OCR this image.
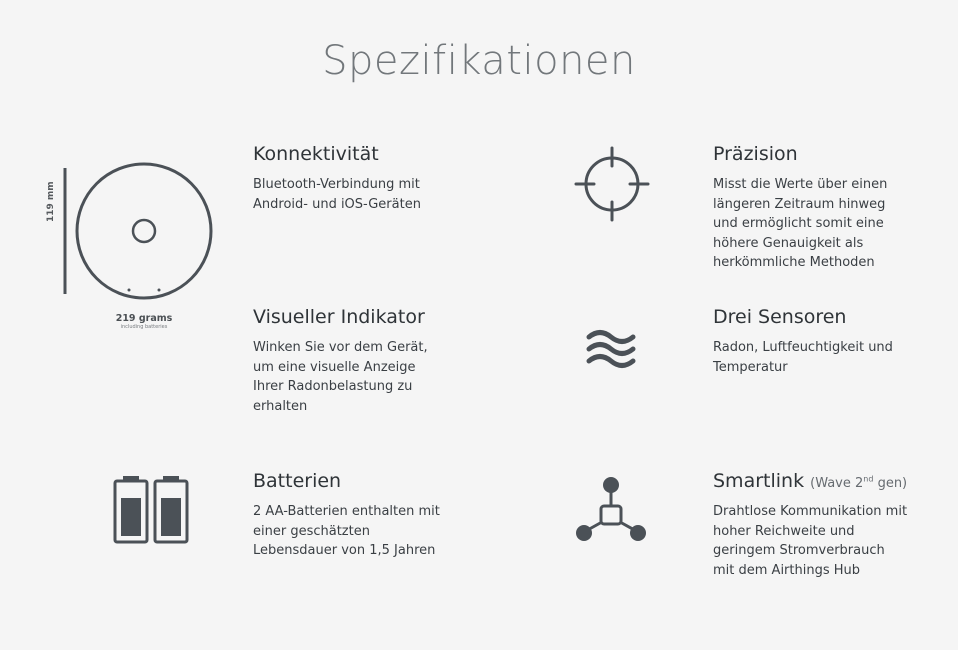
Spezifikationen
119 mm
219 grams
including batteries
Konnektivität

Bluetooth-Verbindung mit
Android- und iOS-Geräten

Präzision

Misst die Werte über einen
längeren Zeitraum hinweg
und ermöglicht somit eine
höhere Genauigkeit als
herkömmliche Methoden

Visueller Indikator

Winken Sie vor dem Gerät,
um eine visuelle Anzeige
Ihrer Radonbelastung zu
erhalten

Drei Sensoren

Radon, Luftfeuchtigkeit und
Temperatur

Batterien

2 AA-Batterien enthalten mit
einer geschätzten
Lebensdauer von 1,5 Jahren

Smartlink (Wave 2nd gen)

Drahtlose Kommunikation mit
hoher Reichweite und
geringem Stromverbrauch
mit dem Airthings Hub
